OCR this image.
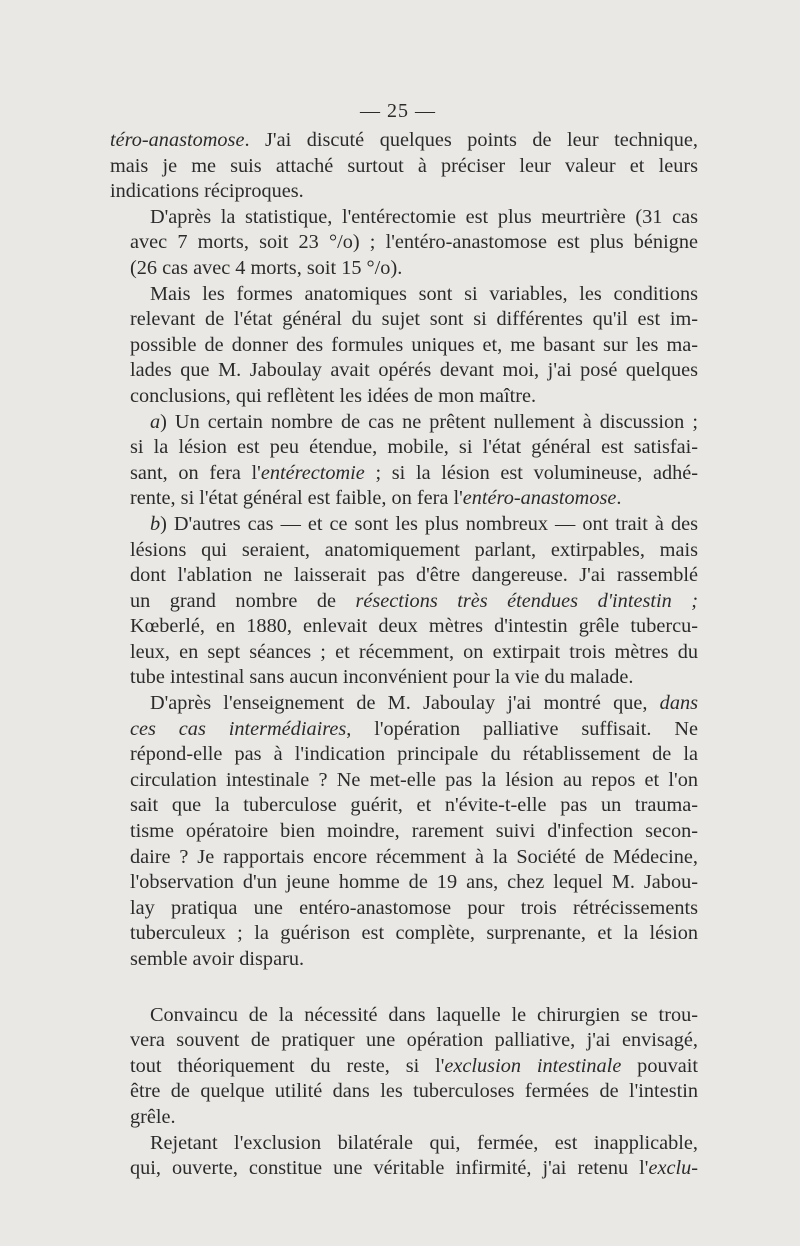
— 25 —

téro-anastomose. J'ai discuté quelques points de leur technique,
mais je me suis attaché surtout à préciser leur valeur et leurs
indications réciproques.

D'après la statistique, l'entérectomie est plus meurtrière (31 cas
avec 7 morts, soit 23 °/o) ; l'entéro-anastomose est plus bénigne
(26 cas avec 4 morts, soit 15 °/o).

Mais les formes anatomiques sont si variables, les conditions
relevant de l'état général du sujet sont si différentes qu'il est im-
possible de donner des formules uniques et, me basant sur les ma-
lades que M. Jaboulay avait opérés devant moi, j'ai posé quelques
conclusions, qui reflètent les idées de mon maître.

a) Un certain nombre de cas ne prêtent nullement à discussion ;
si la lésion est peu étendue, mobile, si l'état général est satisfai-
sant, on fera l'entérectomie ; si la lésion est volumineuse, adhé-
rente, si l'état général est faible, on fera l'entéro-anastomose.

b) D'autres cas — et ce sont les plus nombreux — ont trait à des
lésions qui seraient, anatomiquement parlant, extirpables, mais
dont l'ablation ne laisserait pas d'être dangereuse. J'ai rassemblé
un grand nombre de résections très étendues d'intestin ;
Kœberlé, en 1880, enlevait deux mètres d'intestin grêle tubercu-
leux, en sept séances ; et récemment, on extirpait trois mètres du
tube intestinal sans aucun inconvénient pour la vie du malade.

D'après l'enseignement de M. Jaboulay j'ai montré que, dans
ces cas intermédiaires, l'opération palliative suffisait. Ne
répond-elle pas à l'indication principale du rétablissement de la
circulation intestinale ? Ne met-elle pas la lésion au repos et l'on
sait que la tuberculose guérit, et n'évite-t-elle pas un trauma-
tisme opératoire bien moindre, rarement suivi d'infection secon-
daire ? Je rapportais encore récemment à la Société de Médecine,
l'observation d'un jeune homme de 19 ans, chez lequel M. Jabou-
lay pratiqua une entéro-anastomose pour trois rétrécissements
tuberculeux ; la guérison est complète, surprenante, et la lésion
semble avoir disparu.

Convaincu de la nécessité dans laquelle le chirurgien se trou-
vera souvent de pratiquer une opération palliative, j'ai envisagé,
tout théoriquement du reste, si l'exclusion intestinale pouvait
être de quelque utilité dans les tuberculoses fermées de l'intestin
grêle.

Rejetant l'exclusion bilatérale qui, fermée, est inapplicable,
qui, ouverte, constitue une véritable infirmité, j'ai retenu l'exclu-
